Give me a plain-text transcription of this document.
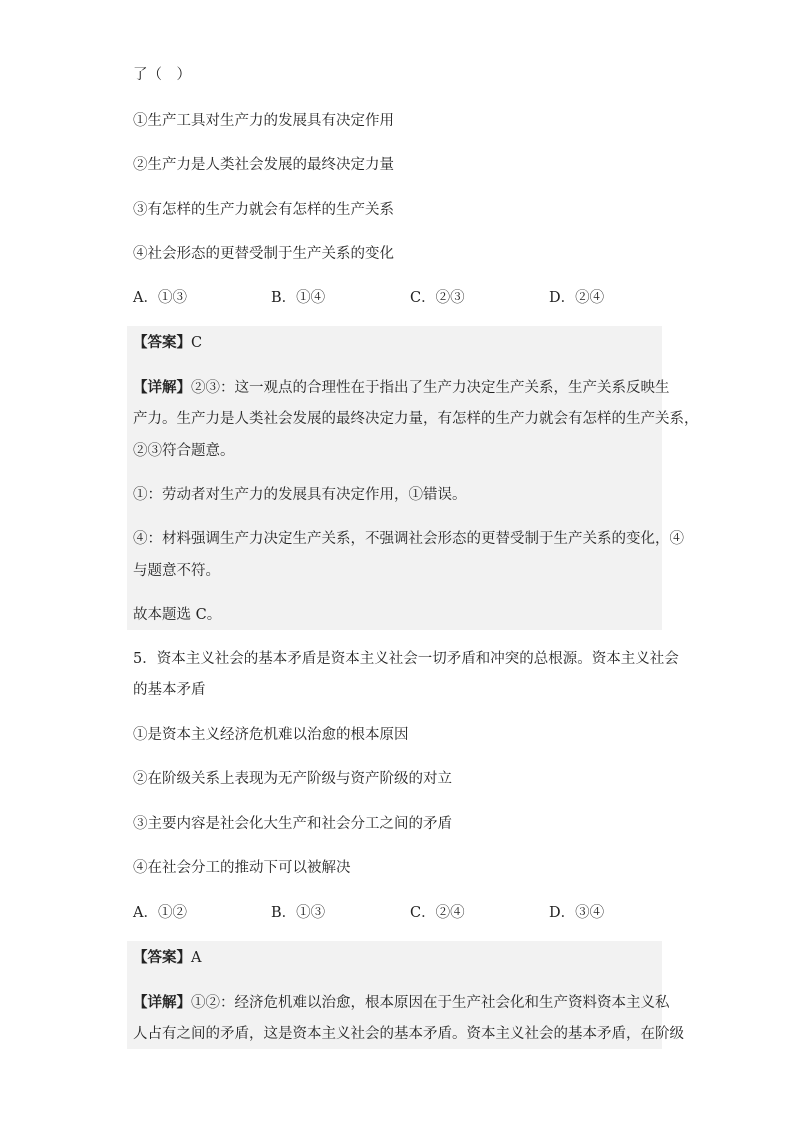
了（　）
①生产工具对生产力的发展具有决定作用
②生产力是人类社会发展的最终决定力量
③有怎样的生产力就会有怎样的生产关系
④社会形态的更替受制于生产关系的变化
A．①③	B．①④	C．②③	D．②④
【答案】C
【详解】②③：这一观点的合理性在于指出了生产力决定生产关系，生产关系反映生
产力。生产力是人类社会发展的最终决定力量，有怎样的生产力就会有怎样的生产关系，
②③符合题意。
①：劳动者对生产力的发展具有决定作用，①错误。
④：材料强调生产力决定生产关系，不强调社会形态的更替受制于生产关系的变化，④
与题意不符。
故本题选 C。
5．资本主义社会的基本矛盾是资本主义社会一切矛盾和冲突的总根源。资本主义社会
的基本矛盾
①是资本主义经济危机难以治愈的根本原因
②在阶级关系上表现为无产阶级与资产阶级的对立
③主要内容是社会化大生产和社会分工之间的矛盾
④在社会分工的推动下可以被解决
A．①②	B．①③	C．②④	D．③④
【答案】A
【详解】①②：经济危机难以治愈，根本原因在于生产社会化和生产资料资本主义私
人占有之间的矛盾，这是资本主义社会的基本矛盾。资本主义社会的基本矛盾，在阶级
